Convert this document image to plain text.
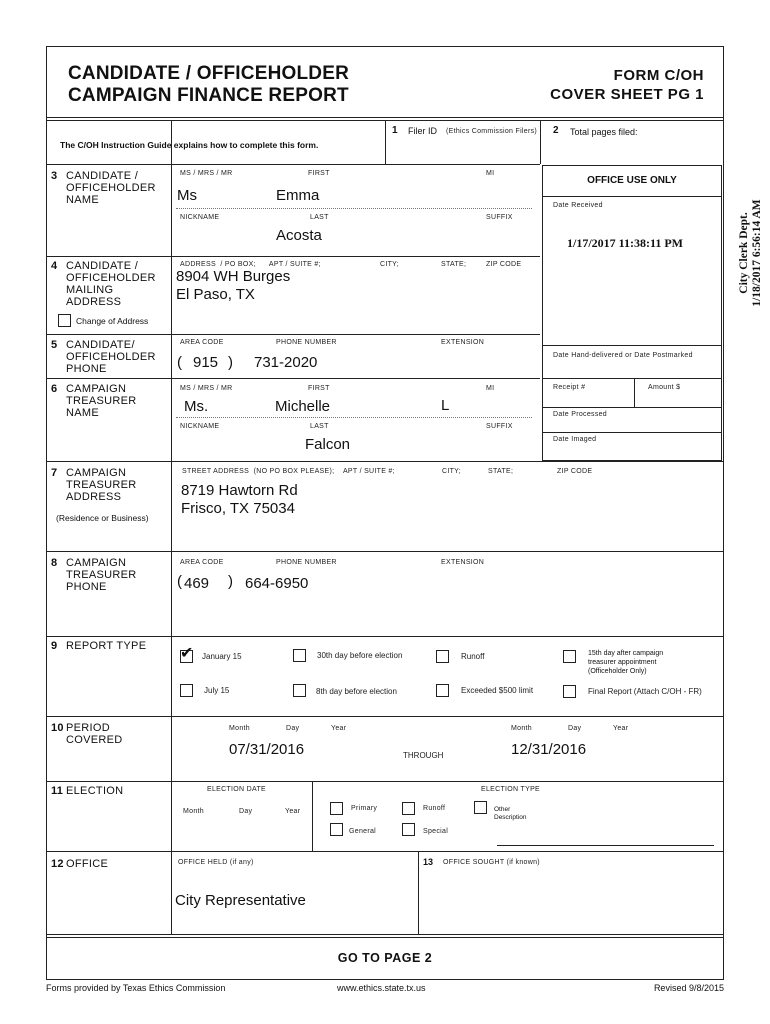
CANDIDATE / OFFICEHOLDER
CAMPAIGN FINANCE REPORT
FORM C/OH
COVER SHEET PG 1
The C/OH Instruction Guide explains how to complete this form.
1 Filer ID (Ethics Commission Filers) 2 Total pages filed:
3 CANDIDATE /
OFFICEHOLDER
NAME
MS / MRS / MR	FIRST	MI
Ms	Emma
NICKNAME	LAST	SUFFIX
Acosta
4 CANDIDATE /
OFFICEHOLDER
MAILING
ADDRESS
ADDRESS  / PO BOX;      APT / SUITE #;	CITY;	STATE;	ZIP CODE
8904 WH Burges
El Paso, TX
Change of Address
5 CANDIDATE/
OFFICEHOLDER
PHONE
AREA CODE	PHONE NUMBER	EXTENSION
( 915 ) 731-2020
6 CAMPAIGN
TREASURER
NAME
MS / MRS / MR	FIRST	MI
Ms.	Michelle	L
NICKNAME	LAST	SUFFIX
Falcon
OFFICE USE ONLY
Date Received
1/17/2017 11:38:11 PM
Date Hand-delivered or Date Postmarked
Receipt #	Amount $
Date Processed
Date Imaged
City Clerk Dept. 1/18/2017 6:56:14 AM
7 CAMPAIGN
TREASURER
ADDRESS
(Residence or Business)
STREET ADDRESS  (NO PO BOX PLEASE);    APT / SUITE #;	CITY;	STATE;	ZIP CODE
8719 Hawtorn Rd
Frisco, TX 75034
8 CAMPAIGN
TREASURER
PHONE
AREA CODE	PHONE NUMBER	EXTENSION
( 469 ) 664-6950
9 REPORT TYPE ✔ January 15	30th day before election	Runoff	15th day after campaign
treasurer appointment
(Officeholder Only)
July 15	8th day before election	Exceeded $500 limit	Final Report (Attach C/OH - FR)
10 PERIOD
COVERED
Month	Day	Year	Month	Day	Year
07/31/2016	THROUGH	12/31/2016
11 ELECTION	ELECTION DATE
Month	Day	Year
ELECTION TYPE
Primary	Runoff	Other
Description
General	Special
12 OFFICE	OFFICE HELD (if any)
City Representative
13 OFFICE SOUGHT (if known)
GO TO PAGE 2
Forms provided by Texas Ethics Commission	www.ethics.state.tx.us	Revised 9/8/2015
